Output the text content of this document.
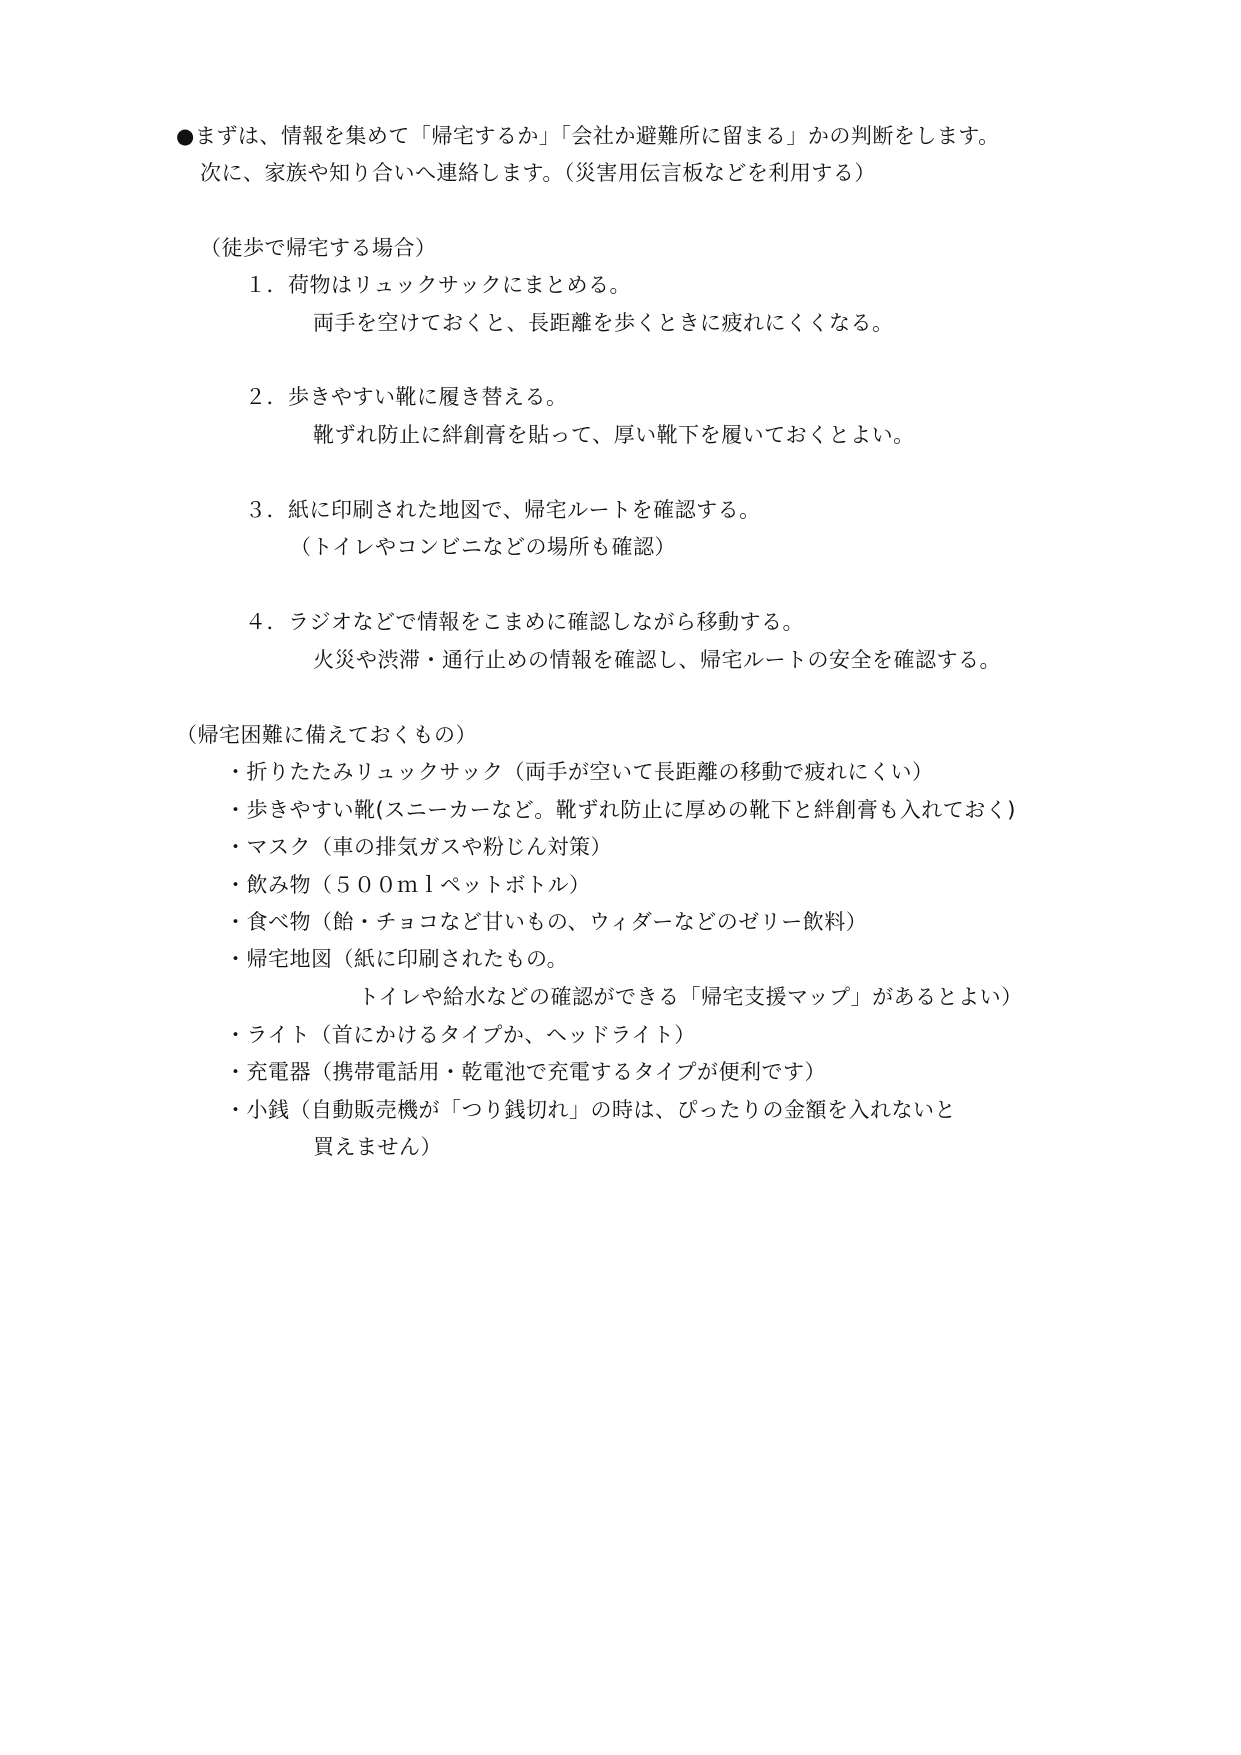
●まずは、情報を集めて「帰宅するか」「会社か避難所に留まる」かの判断をします。
次に、家族や知り合いへ連絡します。（災害用伝言板などを利用する）
（徒歩で帰宅する場合）
１．荷物はリュックサックにまとめる。
両手を空けておくと、長距離を歩くときに疲れにくくなる。
２．歩きやすい靴に履き替える。
靴ずれ防止に絆創膏を貼って、厚い靴下を履いておくとよい。
３．紙に印刷された地図で、帰宅ルートを確認する。
（トイレやコンビニなどの場所も確認）
４．ラジオなどで情報をこまめに確認しながら移動する。
火災や渋滞・通行止めの情報を確認し、帰宅ルートの安全を確認する。
（帰宅困難に備えておくもの）
・折りたたみリュックサック（両手が空いて長距離の移動で疲れにくい）
・歩きやすい靴(スニーカーなど。靴ずれ防止に厚めの靴下と絆創膏も入れておく)
・マスク（車の排気ガスや粉じん対策）
・飲み物（５００ｍｌペットボトル）
・食べ物（飴・チョコなど甘いもの、ウィダーなどのゼリー飲料）
・帰宅地図（紙に印刷されたもの。
トイレや給水などの確認ができる「帰宅支援マップ」があるとよい）
・ライト（首にかけるタイプか、ヘッドライト）
・充電器（携帯電話用・乾電池で充電するタイプが便利です）
・小銭（自動販売機が「つり銭切れ」の時は、ぴったりの金額を入れないと
買えません）
